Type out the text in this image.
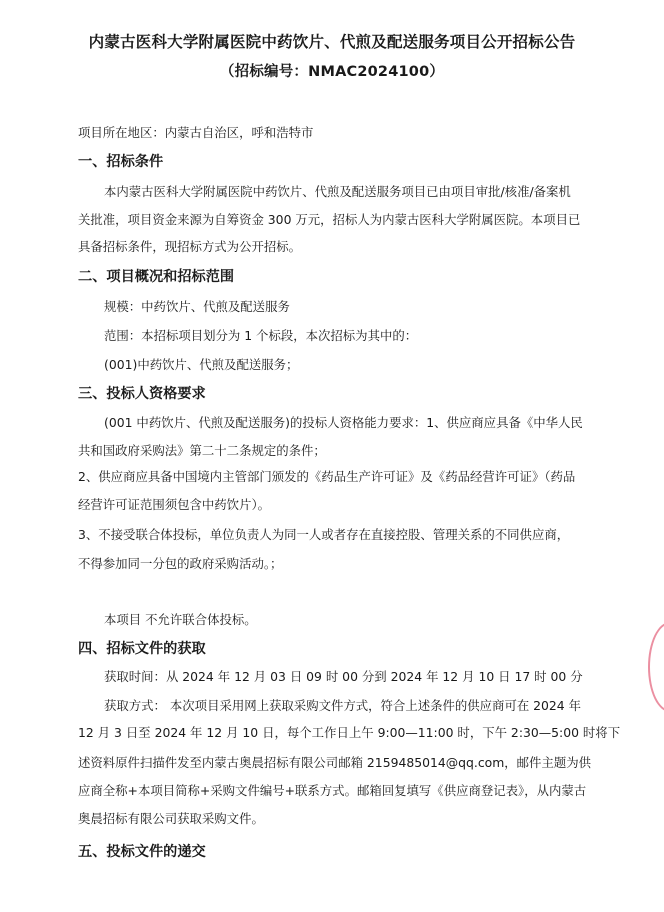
内蒙古医科大学附属医院中药饮片、代煎及配送服务项目公开招标公告
（招标编号：NMAC2024100）
项目所在地区：内蒙古自治区，呼和浩特市
一、招标条件
本内蒙古医科大学附属医院中药饮片、代煎及配送服务项目已由项目审批/核准/备案机
关批准，项目资金来源为自筹资金 300 万元，招标人为内蒙古医科大学附属医院。本项目已
具备招标条件，现招标方式为公开招标。
二、项目概况和招标范围
规模：中药饮片、代煎及配送服务
范围：本招标项目划分为 1 个标段，本次招标为其中的：
(001)中药饮片、代煎及配送服务；
三、投标人资格要求
(001 中药饮片、代煎及配送服务)的投标人资格能力要求：1、供应商应具备《中华人民
共和国政府采购法》第二十二条规定的条件；
2、供应商应具备中国境内主管部门颁发的《药品生产许可证》及《药品经营许可证》（药品
经营许可证范围须包含中药饮片）。
3、不接受联合体投标，单位负责人为同一人或者存在直接控股、管理关系的不同供应商，
不得参加同一分包的政府采购活动。；
本项目 不允许联合体投标。
四、招标文件的获取
获取时间：从 2024 年 12 月 03 日 09 时 00 分到 2024 年 12 月 10 日 17 时 00 分
获取方式： 本次项目采用网上获取采购文件方式，符合上述条件的供应商可在 2024 年
12 月 3 日至 2024 年 12 月 10 日，每个工作日上午 9:00—11:00 时，下午 2:30—5:00 时将下
述资料原件扫描件发至内蒙古奥晨招标有限公司邮箱 2159485014@qq.com，邮件主题为供
应商全称+本项目简称+采购文件编号+联系方式。邮箱回复填写《供应商登记表》，从内蒙古
奥晨招标有限公司获取采购文件。
五、投标文件的递交
